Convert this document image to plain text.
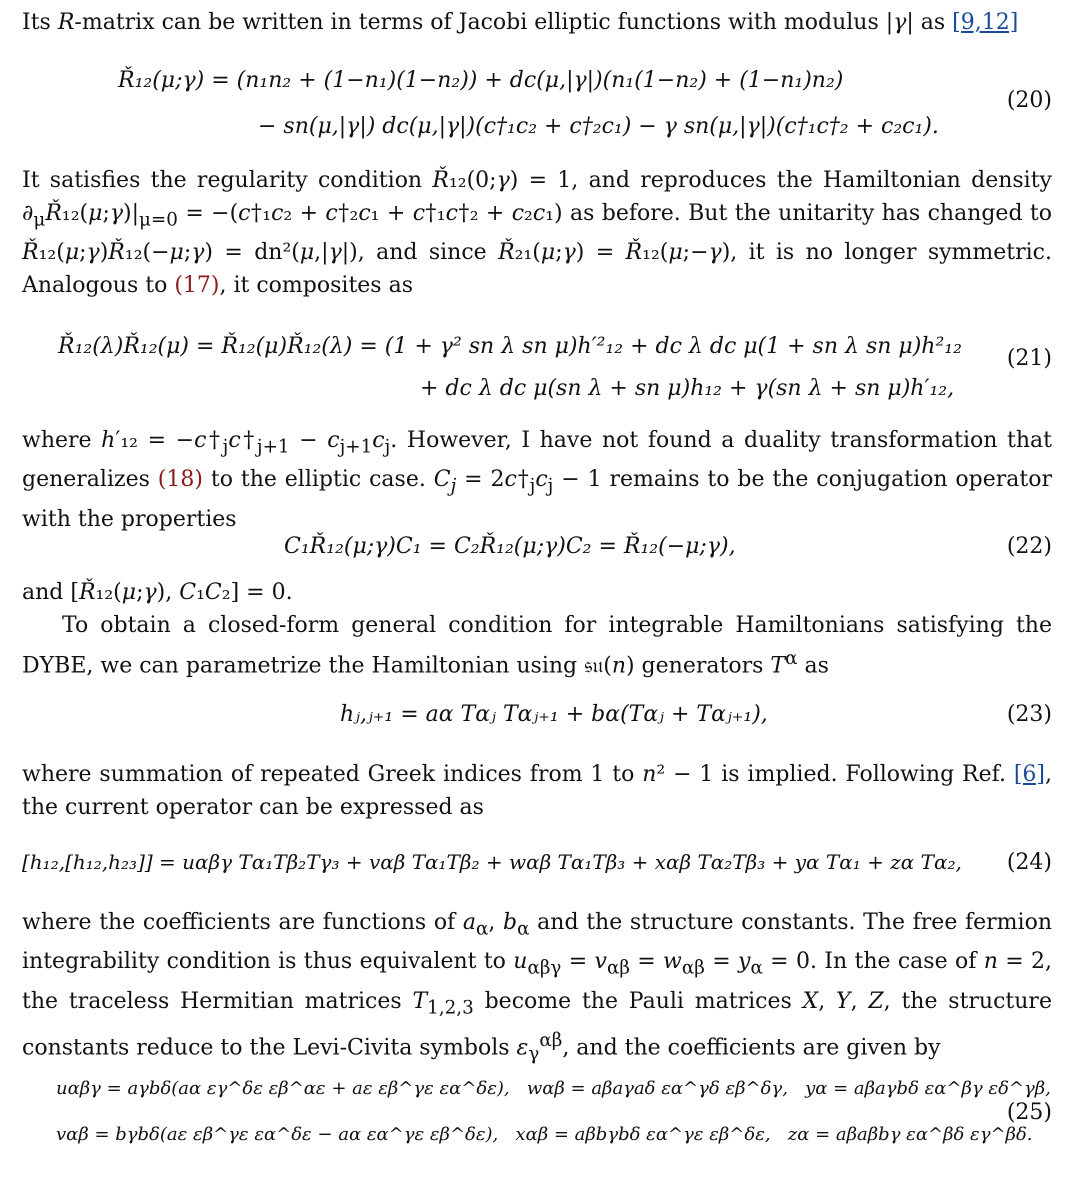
Its R-matrix can be written in terms of Jacobi elliptic functions with modulus |γ| as [9,12]

Ř₁₂(μ;γ) = (n₁n₂ + (1−n₁)(1−n₂)) + dc(μ,|γ|)(n₁(1−n₂) + (1−n₁)n₂)
− sn(μ,|γ|) dc(μ,|γ|)(c†₁c₂ + c†₂c₁) − γ sn(μ,|γ|)(c†₁c†₂ + c₂c₁).
(20)

It satisfies the regularity condition Ř₁₂(0;γ) = 1, and reproduces the Hamiltonian density $\partial_\mu Ř_{12}(\mu;\gamma)|_{\mu=0}$ = −(c†₁c₂ + c†₂c₁ + c†₁c†₂ + c₂c₁) as before. But the unitarity has changed to Ř₁₂(μ;γ)Ř₁₂(−μ;γ) = dn²(μ,|γ|), and since Ř₂₁(μ;γ) = Ř₁₂(μ;−γ), it is no longer symmetric. Analogous to (17), it composites as

Ř₁₂(λ)Ř₁₂(μ) = Ř₁₂(μ)Ř₁₂(λ) = (1 + γ² sn λ sn μ)h′²₁₂ + dc λ dc μ(1 + sn λ sn μ)h²₁₂
+ dc λ dc μ(sn λ + sn μ)h₁₂ + γ(sn λ + sn μ)h′₁₂,
(21)

where $h'_{12} = -c\dagger_jc\dagger_{j+1} - c_{j+1}c_j$. However, I have not found a duality transformation that generalizes (18) to the elliptic case. $C_j$ = $2c\dagger_jc_j - 1$ remains to be the conjugation operator with the properties

C₁Ř₁₂(μ;γ)C₁ = C₂Ř₁₂(μ;γ)C₂ = Ř₁₂(−μ;γ),	(22)

and [Ř₁₂(μ;γ), C₁C₂] = 0.

To obtain a closed-form general condition for integrable Hamiltonians satisfying the DYBE, we can parametrize the Hamiltonian using 𝔰𝔲(n) generators $T^\alpha$ as

hⱼ,ⱼ₊₁ = aα Tαⱼ Tαⱼ₊₁ + bα(Tαⱼ + Tαⱼ₊₁),	(23)

where summation of repeated Greek indices from 1 to n² − 1 is implied. Following Ref. [6], the current operator can be expressed as

[h₁₂,[h₁₂,h₂₃]] = uαβγ Tα₁Tβ₂Tγ₃ + vαβ Tα₁Tβ₂ + wαβ Tα₁Tβ₃ + xαβ Tα₂Tβ₃ + yα Tα₁ + zα Tα₂,	(24)

where the coefficients are functions of $a_\alpha$, $b_\alpha$ and the structure constants. The free fermion integrability condition is thus equivalent to $u_{\alpha\beta\gamma} = v_{\alpha\beta} = w_{\alpha\beta} = y_\alpha = 0$. In the case of n = 2, the traceless Hermitian matrices $T_{1,2,3}$ become the Pauli matrices X, Y, Z, the structure constants reduce to the Levi-Civita symbols $\varepsilon_\gamma^{\alpha\beta}$, and the coefficients are given by

uαβγ = aγbδ(aα εγ^δε εβ^αε + aε εβ^γε εα^δε),   wαβ = aβaγaδ εα^γδ εβ^δγ,   yα = aβaγbδ εα^βγ εδ^γβ,
vαβ = bγbδ(aε εβ^γε εα^δε − aα εα^γε εβ^δε),   xαβ = aβbγbδ εα^γε εβ^δε,   zα = aβaβbγ εα^βδ εγ^βδ.
(25)
